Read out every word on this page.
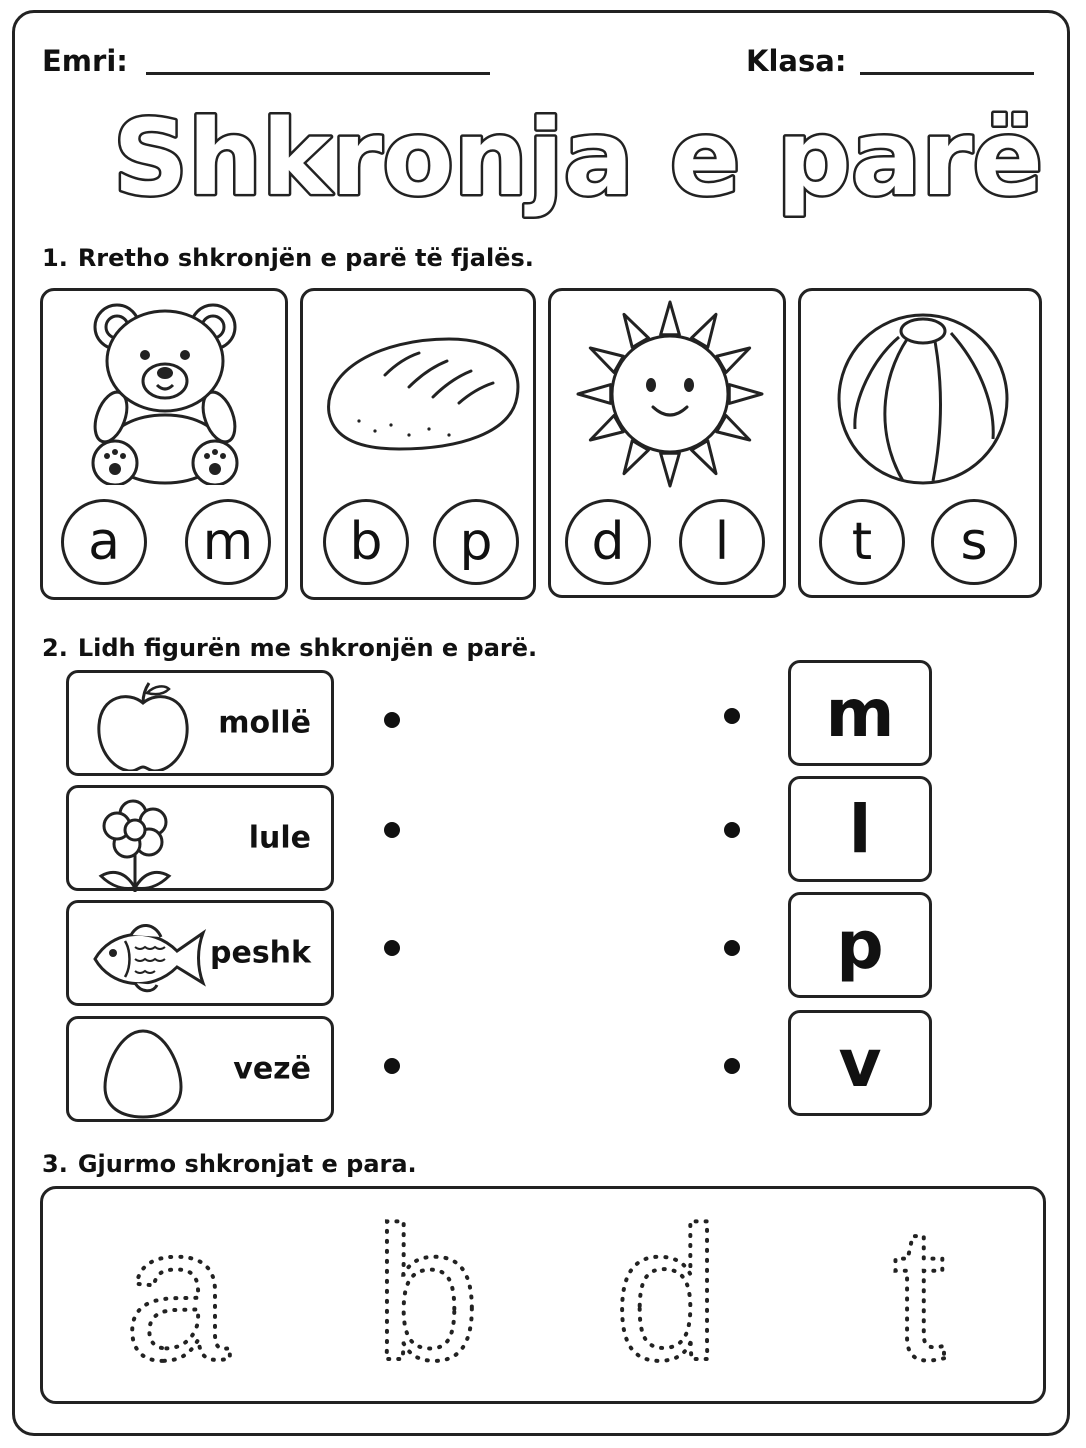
Emri:	Klasa:
Shkronja e parë
1. Rretho shkronjën e parë të fjalës.
a	m	b	p	d	l	t	s
2. Lidh figurën me shkronjën e parë.
mollë
lule
peshk
vezë
m
l
p
v
3. Gjurmo shkronjat e para.
a b d t
